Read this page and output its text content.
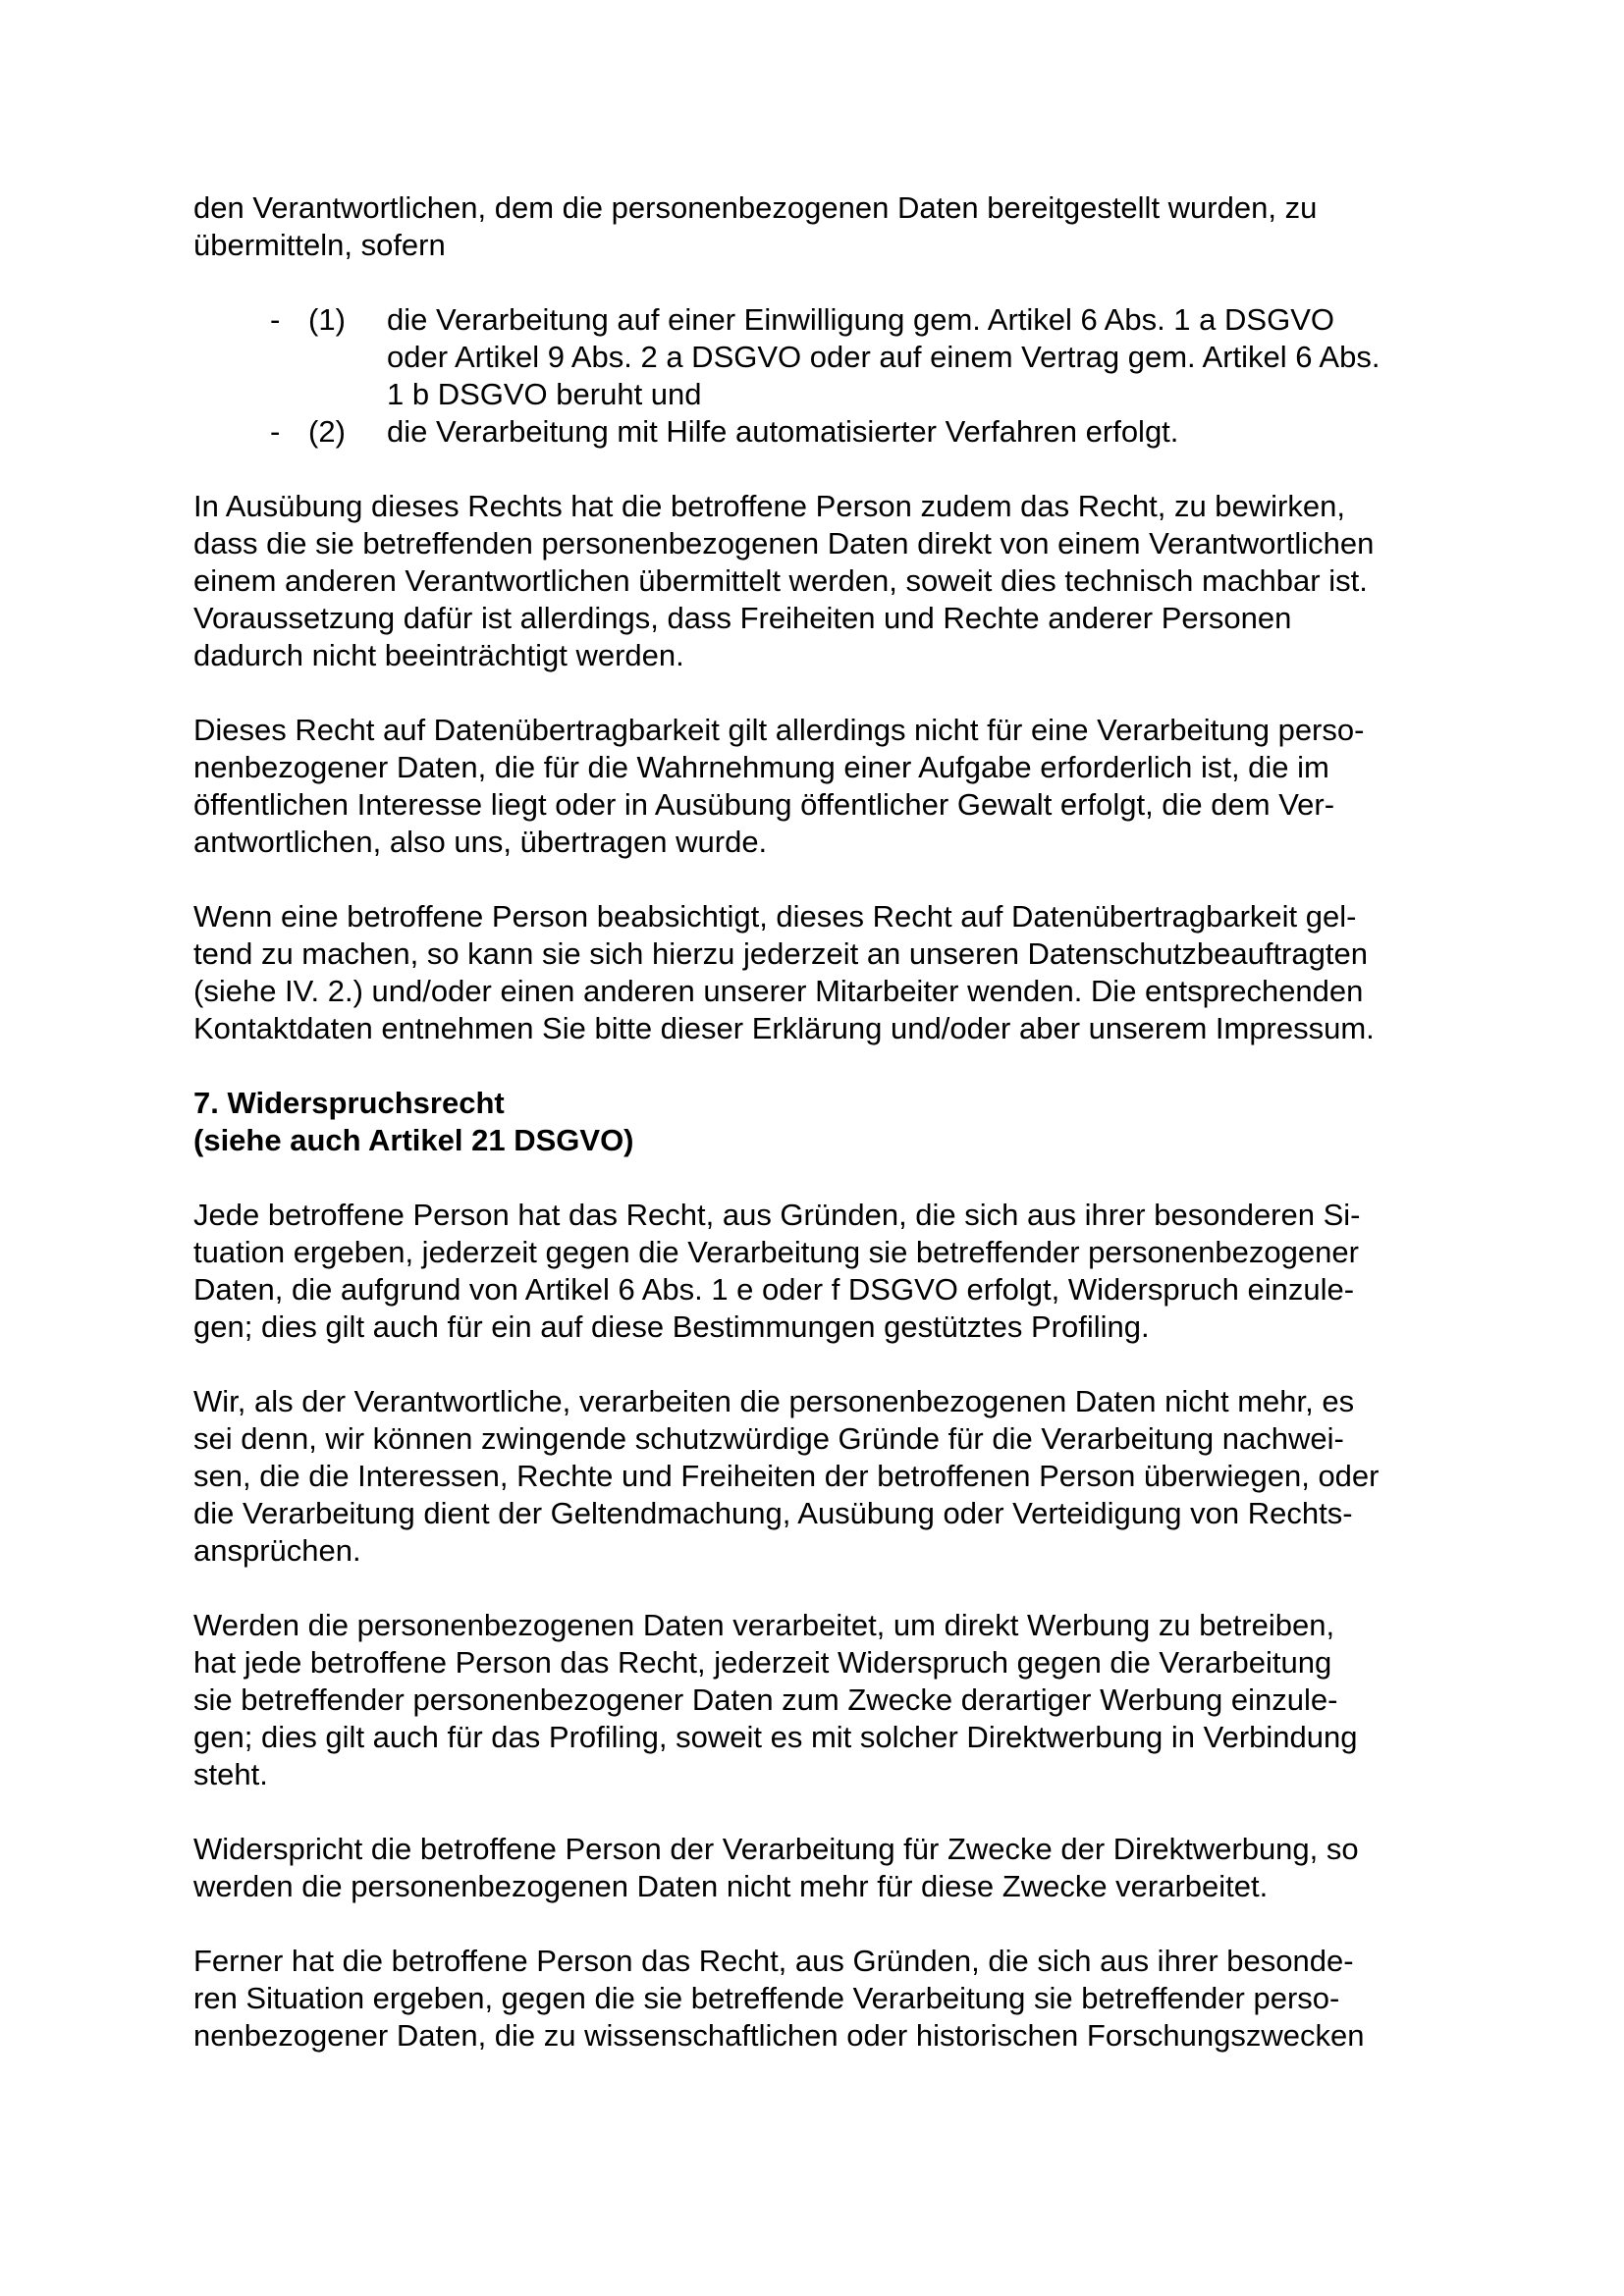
den Verantwortlichen, dem die personenbezogenen Daten bereitgestellt wurden, zu
übermitteln, sofern

- (1) die Verarbeitung auf einer Einwilligung gem. Artikel 6 Abs. 1 a DSGVO
oder Artikel 9 Abs. 2 a DSGVO oder auf einem Vertrag gem. Artikel 6 Abs.
1 b DSGVO beruht und
- (2) die Verarbeitung mit Hilfe automatisierter Verfahren erfolgt.

In Ausübung dieses Rechts hat die betroffene Person zudem das Recht, zu bewirken,
dass die sie betreffenden personenbezogenen Daten direkt von einem Verantwortlichen
einem anderen Verantwortlichen übermittelt werden, soweit dies technisch machbar ist.
Voraussetzung dafür ist allerdings, dass Freiheiten und Rechte anderer Personen
dadurch nicht beeinträchtigt werden.

Dieses Recht auf Datenübertragbarkeit gilt allerdings nicht für eine Verarbeitung perso-
nenbezogener Daten, die für die Wahrnehmung einer Aufgabe erforderlich ist, die im
öffentlichen Interesse liegt oder in Ausübung öffentlicher Gewalt erfolgt, die dem Ver-
antwortlichen, also uns, übertragen wurde.

Wenn eine betroffene Person beabsichtigt, dieses Recht auf Datenübertragbarkeit gel-
tend zu machen, so kann sie sich hierzu jederzeit an unseren Datenschutzbeauftragten
(siehe IV. 2.) und/oder einen anderen unserer Mitarbeiter wenden. Die entsprechenden
Kontaktdaten entnehmen Sie bitte dieser Erklärung und/oder aber unserem Impressum.

7. Widerspruchsrecht
(siehe auch Artikel 21 DSGVO)

Jede betroffene Person hat das Recht, aus Gründen, die sich aus ihrer besonderen Si-
tuation ergeben, jederzeit gegen die Verarbeitung sie betreffender personenbezogener
Daten, die aufgrund von Artikel 6 Abs. 1 e oder f DSGVO erfolgt, Widerspruch einzule-
gen; dies gilt auch für ein auf diese Bestimmungen gestütztes Profiling.

Wir, als der Verantwortliche, verarbeiten die personenbezogenen Daten nicht mehr, es
sei denn, wir können zwingende schutzwürdige Gründe für die Verarbeitung nachwei-
sen, die die Interessen, Rechte und Freiheiten der betroffenen Person überwiegen, oder
die Verarbeitung dient der Geltendmachung, Ausübung oder Verteidigung von Rechts-
ansprüchen.

Werden die personenbezogenen Daten verarbeitet, um direkt Werbung zu betreiben,
hat jede betroffene Person das Recht, jederzeit Widerspruch gegen die Verarbeitung
sie betreffender personenbezogener Daten zum Zwecke derartiger Werbung einzule-
gen; dies gilt auch für das Profiling, soweit es mit solcher Direktwerbung in Verbindung
steht.

Widerspricht die betroffene Person der Verarbeitung für Zwecke der Direktwerbung, so
werden die personenbezogenen Daten nicht mehr für diese Zwecke verarbeitet.

Ferner hat die betroffene Person das Recht, aus Gründen, die sich aus ihrer besonde-
ren Situation ergeben, gegen die sie betreffende Verarbeitung sie betreffender perso-
nenbezogener Daten, die zu wissenschaftlichen oder historischen Forschungszwecken
